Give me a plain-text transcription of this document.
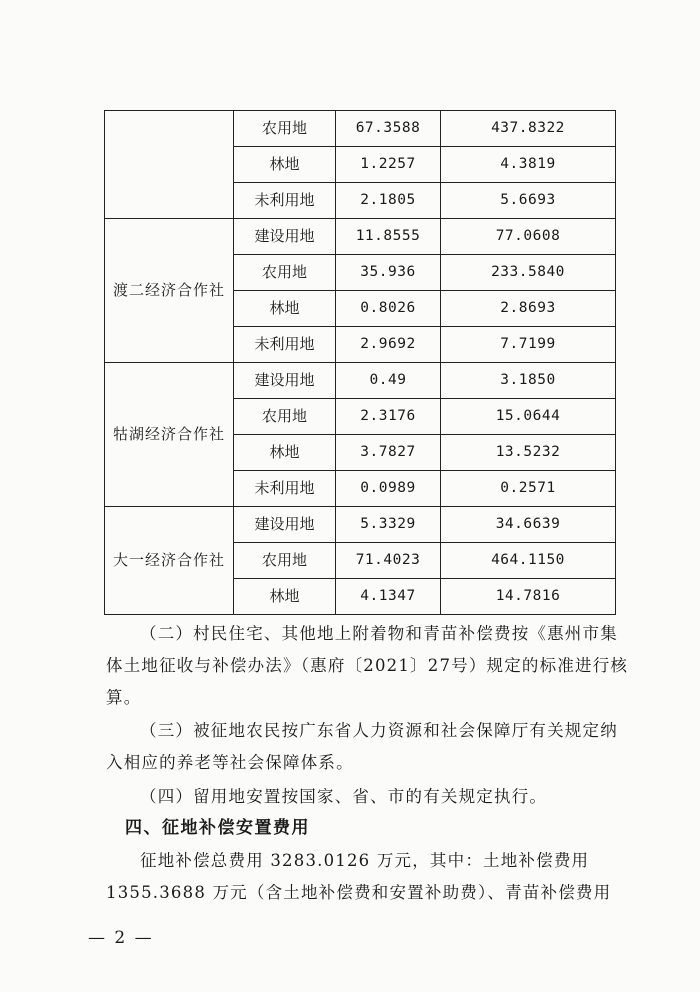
	农用地	67.3588	437.8322
	林地	1.2257	4.3819
	未利用地	2.1805	5.6693
渡二经济合作社	建设用地	11.8555	77.0608
	农用地	35.936	233.5840
	林地	0.8026	2.8693
	未利用地	2.9692	7.7199
牯湖经济合作社	建设用地	0.49	3.1850
	农用地	2.3176	15.0644
	林地	3.7827	13.5232
	未利用地	0.0989	0.2571
大一经济合作社	建设用地	5.3329	34.6639
	农用地	71.4023	464.1150
	林地	4.1347	14.7816

（二）村民住宅、其他地上附着物和青苗补偿费按《惠州市集体土地征收与补偿办法》（惠府〔2021〕27号）规定的标准进行核算。

（三）被征地农民按广东省人力资源和社会保障厅有关规定纳入相应的养老等社会保障体系。

（四）留用地安置按国家、省、市的有关规定执行。

四、征地补偿安置费用

征地补偿总费用 3283.0126 万元，其中：土地补偿费用1355.3688 万元（含土地补偿费和安置补助费）、青苗补偿费用

— 2 —
